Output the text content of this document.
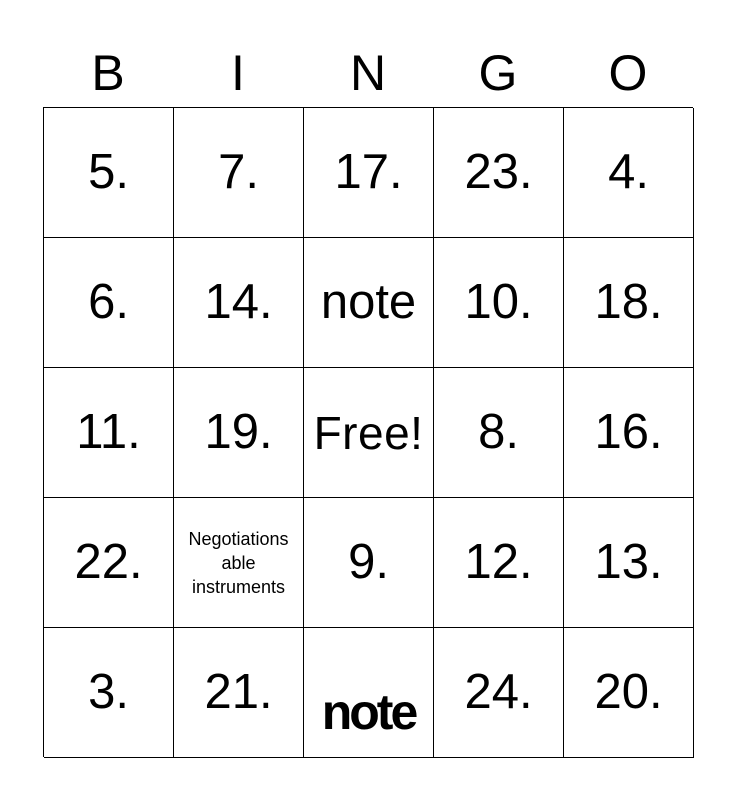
B	I	N	G	O
5. 7. 17. 23. 4.
6. 14. note 10. 18.
11. 19. Free! 8. 16.
22.	Negotiations able instruments 9. 12. 13.
3. 21. note 24. 20.
